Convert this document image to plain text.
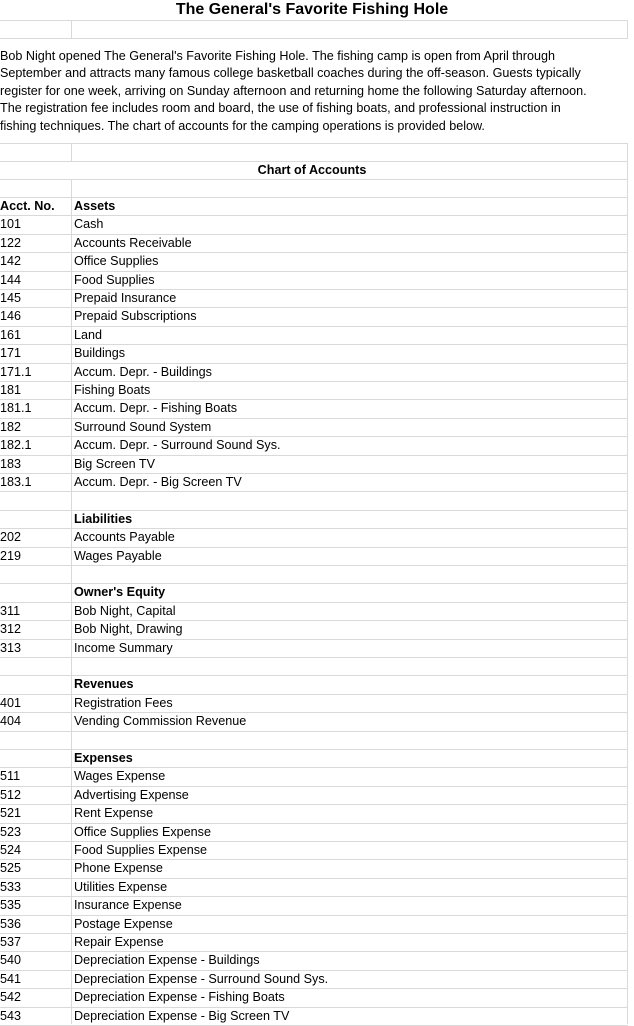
The General's Favorite Fishing Hole
Bob Night opened The General's Favorite Fishing Hole. The fishing camp is open from April through
September and attracts many famous college basketball coaches during the off-season. Guests typically
register for one week, arriving on Sunday afternoon and returning home the following Saturday afternoon.
The registration fee includes room and board, the use of fishing boats, and professional instruction in
fishing techniques. The chart of accounts for the camping operations is provided below.
Chart of Accounts
Acct. No.	Assets
101	Cash
122	Accounts Receivable
142	Office Supplies
144	Food Supplies
145	Prepaid Insurance
146	Prepaid Subscriptions
161	Land
171	Buildings
171.1	Accum. Depr. - Buildings
181	Fishing Boats
181.1	Accum. Depr. - Fishing Boats
182	Surround Sound System
182.1	Accum. Depr. - Surround Sound Sys.
183	Big Screen TV
183.1	Accum. Depr. - Big Screen TV
Liabilities
202	Accounts Payable
219	Wages Payable
Owner's Equity
311	Bob Night, Capital
312	Bob Night, Drawing
313	Income Summary
Revenues
401	Registration Fees
404	Vending Commission Revenue
Expenses
511	Wages Expense
512	Advertising Expense
521	Rent Expense
523	Office Supplies Expense
524	Food Supplies Expense
525	Phone Expense
533	Utilities Expense
535	Insurance Expense
536	Postage Expense
537	Repair Expense
540	Depreciation Expense - Buildings
541	Depreciation Expense - Surround Sound Sys.
542	Depreciation Expense - Fishing Boats
543	Depreciation Expense - Big Screen TV
